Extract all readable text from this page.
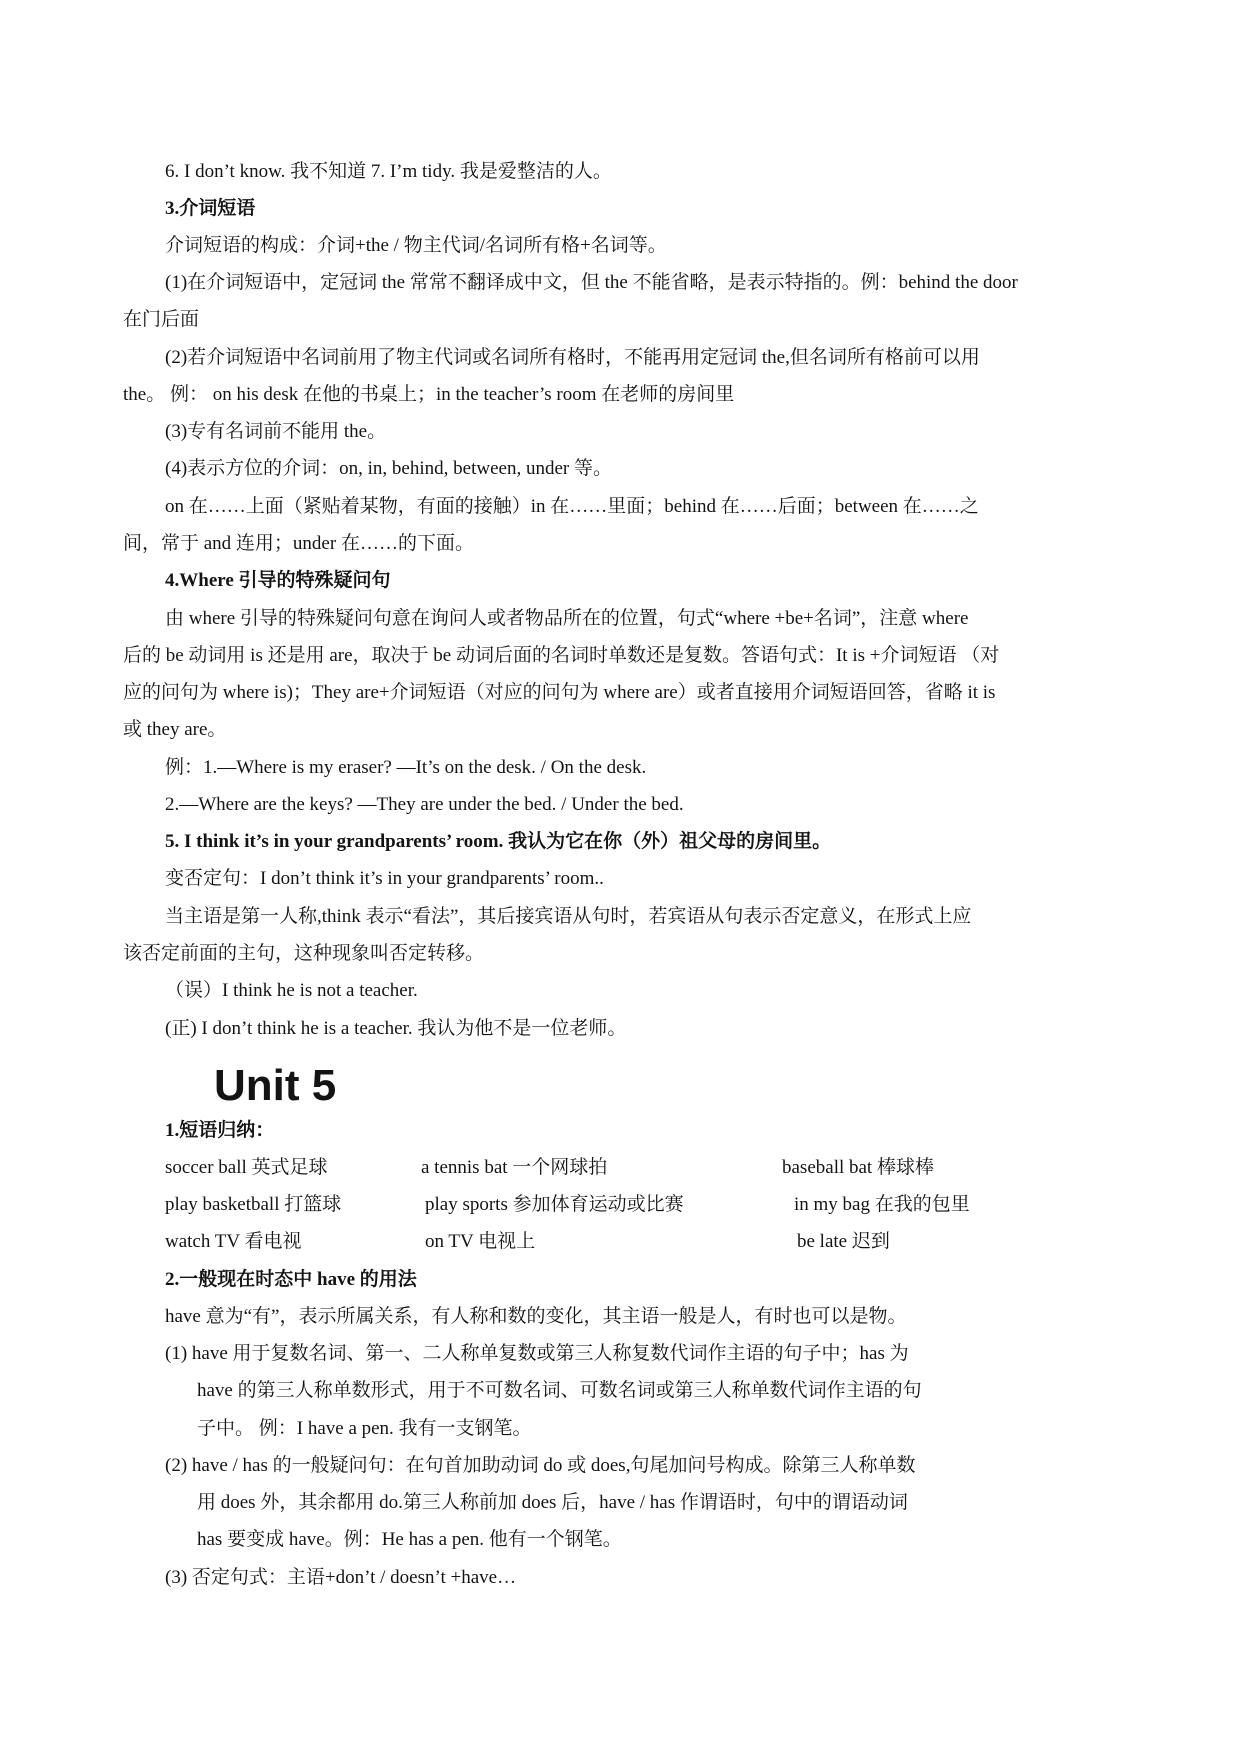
6. I don’t know. 我不知道 7. I’m tidy. 我是爱整洁的人。
3.介词短语
介词短语的构成：介词+the / 物主代词/名词所有格+名词等。
(1)在介词短语中，定冠词 the 常常不翻译成中文，但 the 不能省略，是表示特指的。例：behind the door
在门后面
(2)若介词短语中名词前用了物主代词或名词所有格时，不能再用定冠词 the,但名词所有格前可以用
the。 例： on his desk 在他的书桌上；in the teacher’s room 在老师的房间里
(3)专有名词前不能用 the。
(4)表示方位的介词：on, in, behind, between, under 等。
on 在……上面（紧贴着某物，有面的接触）in 在……里面；behind 在……后面；between 在……之
间，常于 and 连用；under 在……的下面。
4.Where 引导的特殊疑问句
由 where 引导的特殊疑问句意在询问人或者物品所在的位置，句式“where +be+名词”，注意 where
后的 be 动词用 is 还是用 are，取决于 be 动词后面的名词时单数还是复数。答语句式：It is +介词短语 （对
应的问句为 where is)；They are+介词短语（对应的问句为 where are）或者直接用介词短语回答，省略 it is
或 they are。
例：1.—Where is my eraser? —It’s on the desk. / On the desk.
2.—Where are the keys? —They are under the bed. / Under the bed.
5. I think it’s in your grandparents’ room. 我认为它在你（外）祖父母的房间里。
变否定句：I don’t think it’s in your grandparents’ room..
当主语是第一人称,think 表示“看法”，其后接宾语从句时，若宾语从句表示否定意义，在形式上应
该否定前面的主句，这种现象叫否定转移。
（误）I think he is not a teacher.
(正) I don’t think he is a teacher. 我认为他不是一位老师。
Unit 5
1.短语归纳：
soccer ball 英式足球	a tennis bat 一个网球拍	baseball bat 棒球棒
play basketball 打篮球	play sports 参加体育运动或比赛	in my bag 在我的包里
watch TV 看电视	on TV 电视上	be late 迟到
2.一般现在时态中 have 的用法
have 意为“有”，表示所属关系，有人称和数的变化，其主语一般是人，有时也可以是物。
(1) have 用于复数名词、第一、二人称单复数或第三人称复数代词作主语的句子中；has 为
have 的第三人称单数形式，用于不可数名词、可数名词或第三人称单数代词作主语的句
子中。 例：I have a pen. 我有一支钢笔。
(2) have / has 的一般疑问句：在句首加助动词 do 或 does,句尾加问号构成。除第三人称单数
用 does 外，其余都用 do.第三人称前加 does 后，have / has 作谓语时，句中的谓语动词
has 要变成 have。例：He has a pen. 他有一个钢笔。
(3) 否定句式：主语+don’t / doesn’t +have…
